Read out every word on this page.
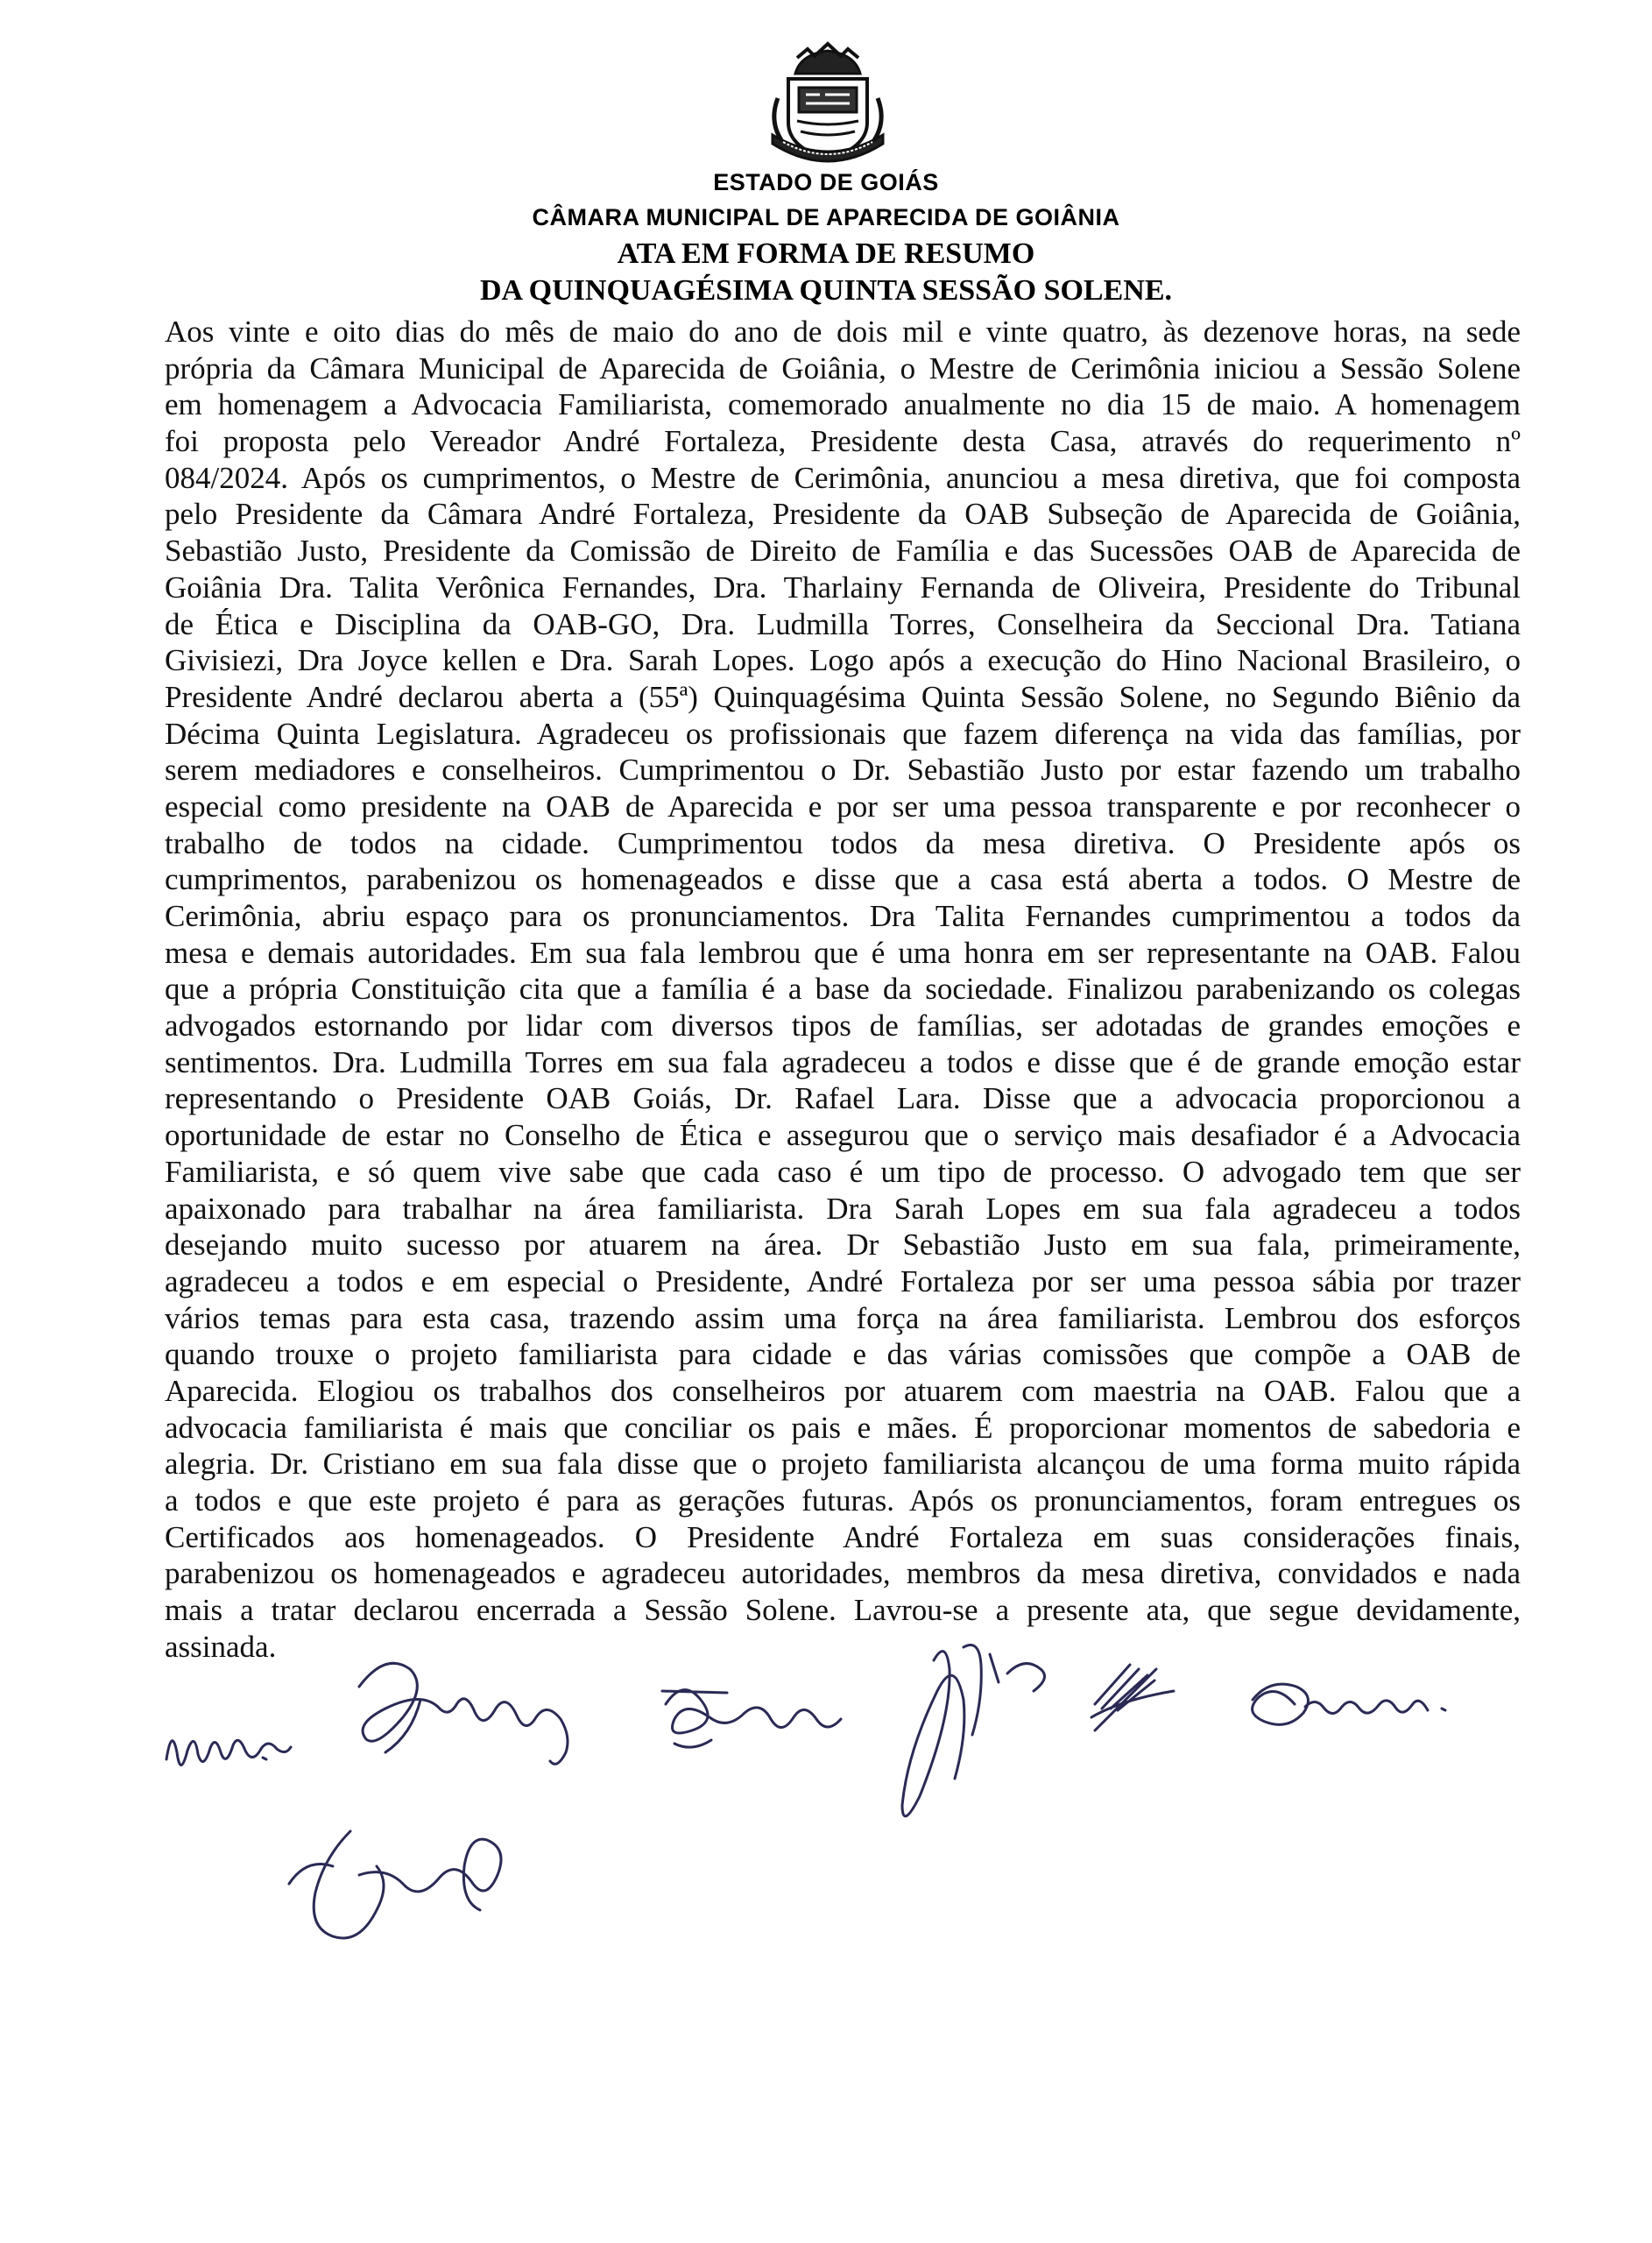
ESTADO DE GOIÁS
CÂMARA MUNICIPAL DE APARECIDA DE GOIÂNIA
ATA EM FORMA DE RESUMO
DA QUINQUAGÉSIMA QUINTA SESSÃO SOLENE.
Aos vinte e oito dias do mês de maio do ano de dois mil e vinte quatro, às dezenove horas, na sede
própria da Câmara Municipal de Aparecida de Goiânia, o Mestre de Cerimônia iniciou a Sessão Solene
em homenagem a Advocacia Familiarista, comemorado anualmente no dia 15 de maio. A homenagem
foi proposta pelo Vereador André Fortaleza, Presidente desta Casa, através do requerimento nº
084/2024. Após os cumprimentos, o Mestre de Cerimônia, anunciou a mesa diretiva, que foi composta
pelo Presidente da Câmara André Fortaleza, Presidente da OAB Subseção de Aparecida de Goiânia,
Sebastião Justo, Presidente da Comissão de Direito de Família e das Sucessões OAB de Aparecida de
Goiânia Dra. Talita Verônica Fernandes, Dra. Tharlainy Fernanda de Oliveira, Presidente do Tribunal
de Ética e Disciplina da OAB-GO, Dra. Ludmilla Torres, Conselheira da Seccional Dra. Tatiana
Givisiezi, Dra Joyce kellen e Dra. Sarah Lopes. Logo após a execução do Hino Nacional Brasileiro, o
Presidente André declarou aberta a (55ª) Quinquagésima Quinta Sessão Solene, no Segundo Biênio da
Décima Quinta Legislatura. Agradeceu os profissionais que fazem diferença na vida das famílias, por
serem mediadores e conselheiros. Cumprimentou o Dr. Sebastião Justo por estar fazendo um trabalho
especial como presidente na OAB de Aparecida e por ser uma pessoa transparente e por reconhecer o
trabalho de todos na cidade. Cumprimentou todos da mesa diretiva. O Presidente após os
cumprimentos, parabenizou os homenageados e disse que a casa está aberta a todos. O Mestre de
Cerimônia, abriu espaço para os pronunciamentos. Dra Talita Fernandes cumprimentou a todos da
mesa e demais autoridades. Em sua fala lembrou que é uma honra em ser representante na OAB. Falou
que a própria Constituição cita que a família é a base da sociedade. Finalizou parabenizando os colegas
advogados estornando por lidar com diversos tipos de famílias, ser adotadas de grandes emoções e
sentimentos. Dra. Ludmilla Torres em sua fala agradeceu a todos e disse que é de grande emoção estar
representando o Presidente OAB Goiás, Dr. Rafael Lara. Disse que a advocacia proporcionou a
oportunidade de estar no Conselho de Ética e assegurou que o serviço mais desafiador é a Advocacia
Familiarista, e só quem vive sabe que cada caso é um tipo de processo. O advogado tem que ser
apaixonado para trabalhar na área familiarista. Dra Sarah Lopes em sua fala agradeceu a todos
desejando muito sucesso por atuarem na área. Dr Sebastião Justo em sua fala, primeiramente,
agradeceu a todos e em especial o Presidente, André Fortaleza por ser uma pessoa sábia por trazer
vários temas para esta casa, trazendo assim uma força na área familiarista. Lembrou dos esforços
quando trouxe o projeto familiarista para cidade e das várias comissões que compõe a OAB de
Aparecida. Elogiou os trabalhos dos conselheiros por atuarem com maestria na OAB. Falou que a
advocacia familiarista é mais que conciliar os pais e mães. É proporcionar momentos de sabedoria e
alegria. Dr. Cristiano em sua fala disse que o projeto familiarista alcançou de uma forma muito rápida
a todos e que este projeto é para as gerações futuras. Após os pronunciamentos, foram entregues os
Certificados aos homenageados. O Presidente André Fortaleza em suas considerações finais,
parabenizou os homenageados e agradeceu autoridades, membros da mesa diretiva, convidados e nada
mais a tratar declarou encerrada a Sessão Solene. Lavrou-se a presente ata, que segue devidamente,
assinada.
